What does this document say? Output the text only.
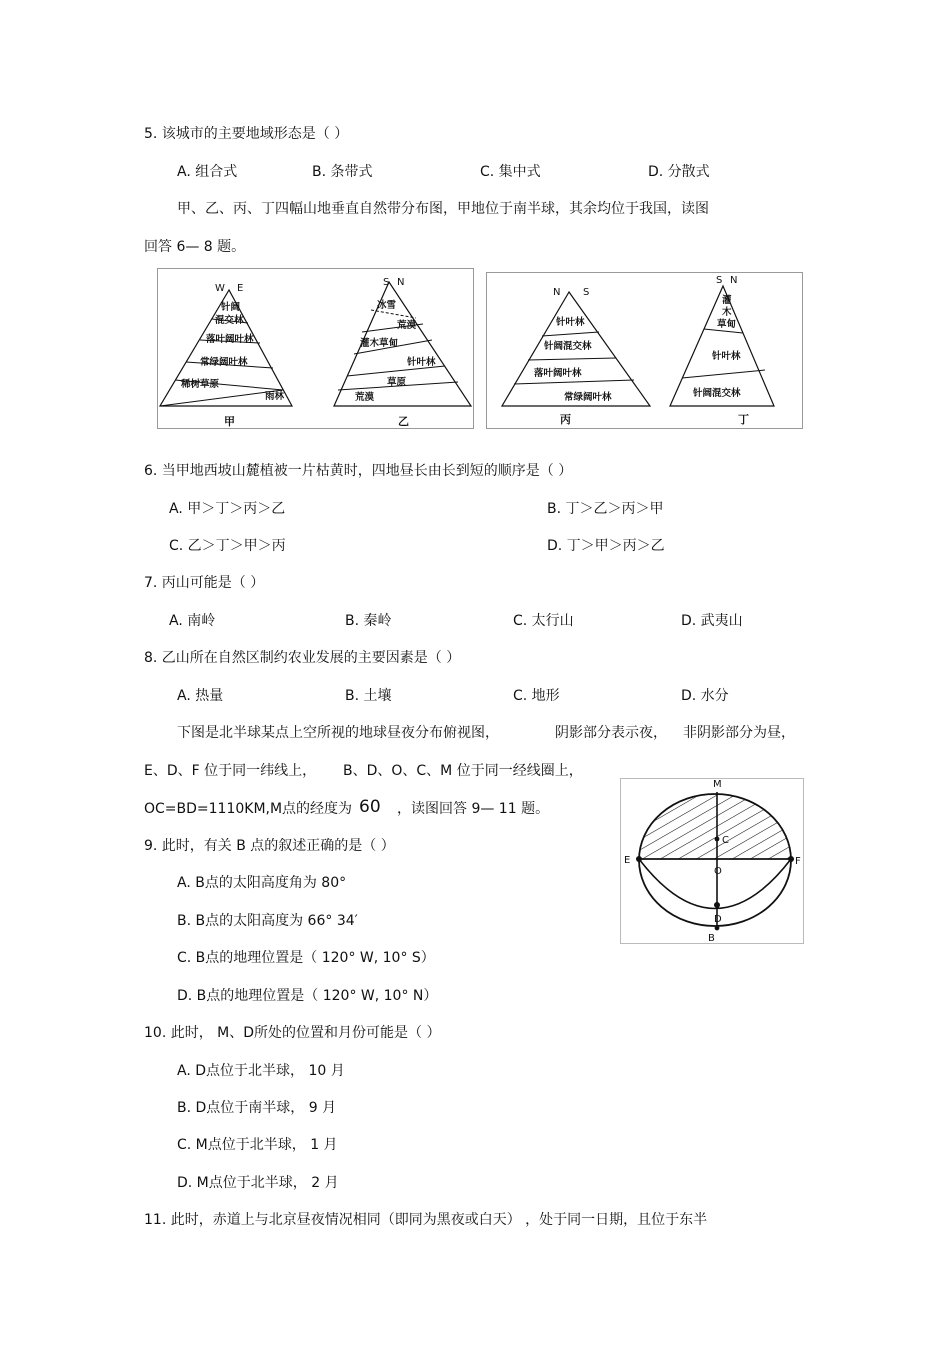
5. 该城市的主要地域形态是（ ）
A. 组合式	B. 条带式	C. 集中式	D. 分散式
甲、乙、丙、丁四幅山地垂直自然带分布图，甲地位于南半球，其余均位于我国，读图
回答 6— 8 题。
W E
针阔
混交林
落叶阔叶林
常绿阔叶林
稀树草原
雨林
甲
S N
冰雪
荒漠
灌木草甸
针叶林
草原
荒漠
乙
N S
针叶林
针阔混交林
落叶阔叶林
常绿阔叶林
丙
S N
灌
木
草甸
针叶林
针阔混交林
丁
6. 当甲地西坡山麓植被一片枯黄时，四地昼长由长到短的顺序是（ ）
A. 甲＞丁＞丙＞乙	B. 丁＞乙＞丙＞甲
C. 乙＞丁＞甲＞丙	D. 丁＞甲＞丙＞乙
7. 丙山可能是（ ）
A. 南岭	B. 秦岭	C. 太行山	D. 武夷山
8. 乙山所在自然区制约农业发展的主要因素是（ ）
A. 热量	B. 土壤	C. 地形	D. 水分
下图是北半球某点上空所视的地球昼夜分布俯视图，	阴影部分表示夜， 非阴影部分为昼，
E、D、F 位于同一纬线上， B、D、O、C、M 位于同一经线圈上，
OC=BD=1110KM,M点的经度为 60 ，读图回答 9— 11 题。
M
C
E
O
F
D
B
9. 此时，有关 B 点的叙述正确的是（ ）
A. B点的太阳高度角为 80°
B. B点的太阳高度为 66° 34′
C. B点的地理位置是（ 120° W, 10° S）
D. B点的地理位置是（ 120° W, 10° N）
10. 此时， M、D所处的位置和月份可能是（ ）
A. D点位于北半球， 10 月
B. D点位于南半球， 9 月
C. M点位于北半球， 1 月
D. M点位于北半球， 2 月
11. 此时，赤道上与北京昼夜情况相同（即同为黑夜或白天） ，处于同一日期，且位于东半
